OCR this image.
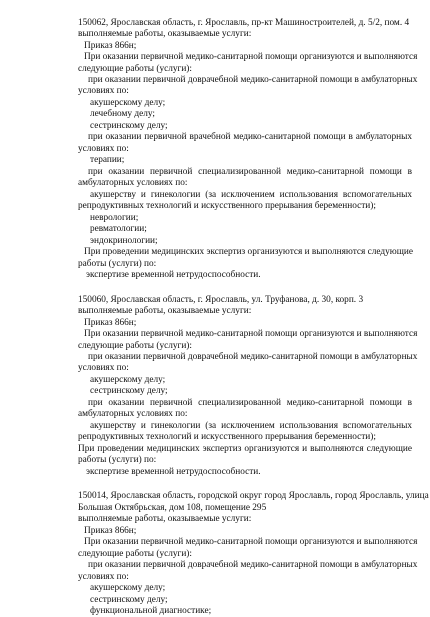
150062, Ярославская область, г. Ярославль, пр-кт Машиностроителей, д. 5/2, пом. 4
выполняемые работы, оказываемые услуги:
Приказ 866н;
При оказании первичной медико-санитарной помощи организуются и выполняются
следующие работы (услуги):
при оказании первичной доврачебной медико-санитарной помощи в амбулаторных
условиях по:
акушерскому делу;
лечебному делу;
сестринскому делу;
при оказании первичной врачебной медико-санитарной помощи в амбулаторных
условиях по:
терапии;
при оказании первичной специализированной медико-санитарной помощи в
амбулаторных условиях по:
акушерству и гинекологии (за исключением использования вспомогательных
репродуктивных технологий и искусственного прерывания беременности);
неврологии;
ревматологии;
эндокринологии;
При проведении медицинских экспертиз организуются и выполняются следующие
работы (услуги) по:
экспертизе временной нетрудоспособности.
150060, Ярославская область, г. Ярославль, ул. Труфанова, д. 30, корп. 3
выполняемые работы, оказываемые услуги:
Приказ 866н;
При оказании первичной медико-санитарной помощи организуются и выполняются
следующие работы (услуги):
при оказании первичной доврачебной медико-санитарной помощи в амбулаторных
условиях по:
акушерскому делу;
сестринскому делу;
при оказании первичной специализированной медико-санитарной помощи в
амбулаторных условиях по:
акушерству и гинекологии (за исключением использования вспомогательных
репродуктивных технологий и искусственного прерывания беременности);
При проведении медицинских экспертиз организуются и выполняются следующие
работы (услуги) по:
экспертизе временной нетрудоспособности.
150014, Ярославская область, городской округ город Ярославль, город Ярославль, улица
Большая Октябрьская, дом 108, помещение 295
выполняемые работы, оказываемые услуги:
Приказ 866н;
При оказании первичной медико-санитарной помощи организуются и выполняются
следующие работы (услуги):
при оказании первичной доврачебной медико-санитарной помощи в амбулаторных
условиях по:
акушерскому делу;
сестринскому делу;
функциональной диагностике;
